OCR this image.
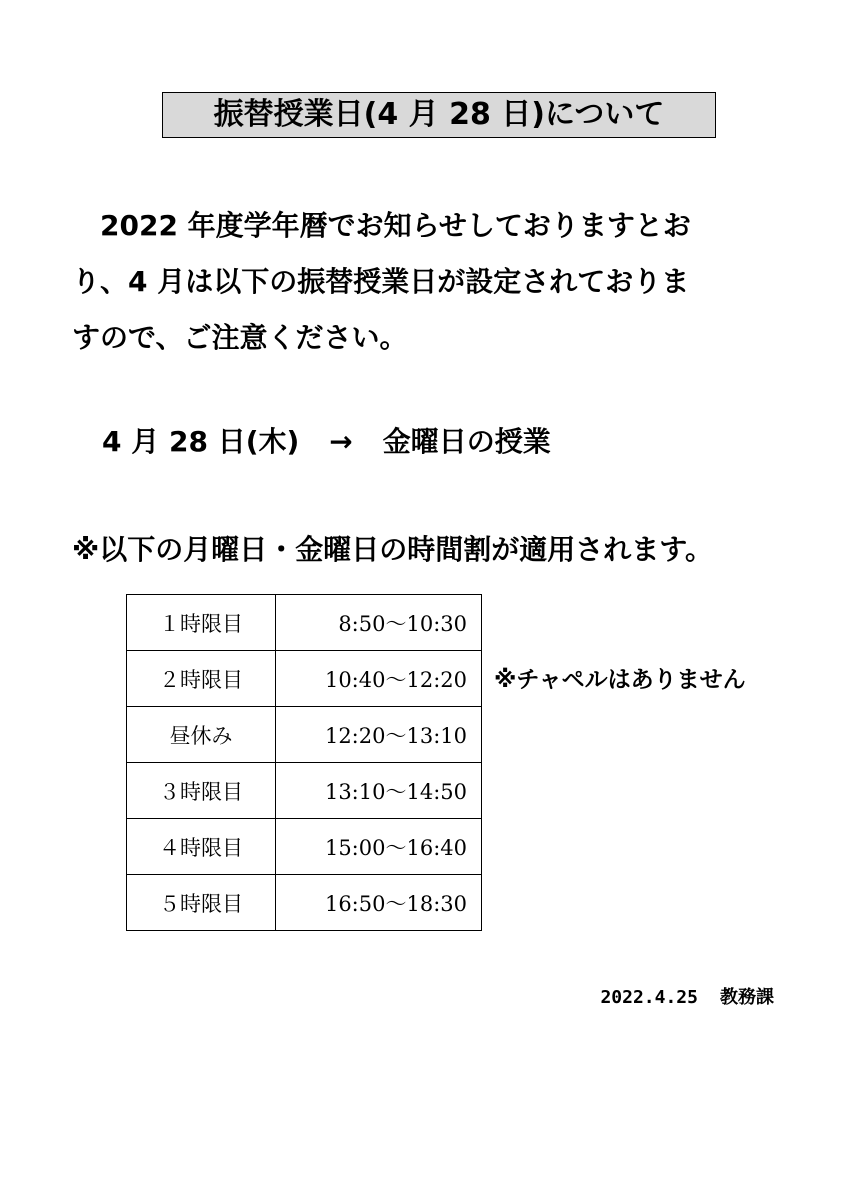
振替授業日(4 月 28 日)について

　2022 年度学年暦でお知らせしておりますとお
り、4 月は以下の振替授業日が設定されておりま
すので、ご注意ください。

4 月 28 日(木) → 金曜日の授業
※以下の月曜日・金曜日の時間割が適用されます。
１時限目	8:50～10:30
２時限目	10:40～12:20
昼休み	12:20～13:10
３時限目	13:10～14:50
４時限目	15:00～16:40
５時限目	16:50～18:30
※チャペルはありません
2022.4.25 教務課
